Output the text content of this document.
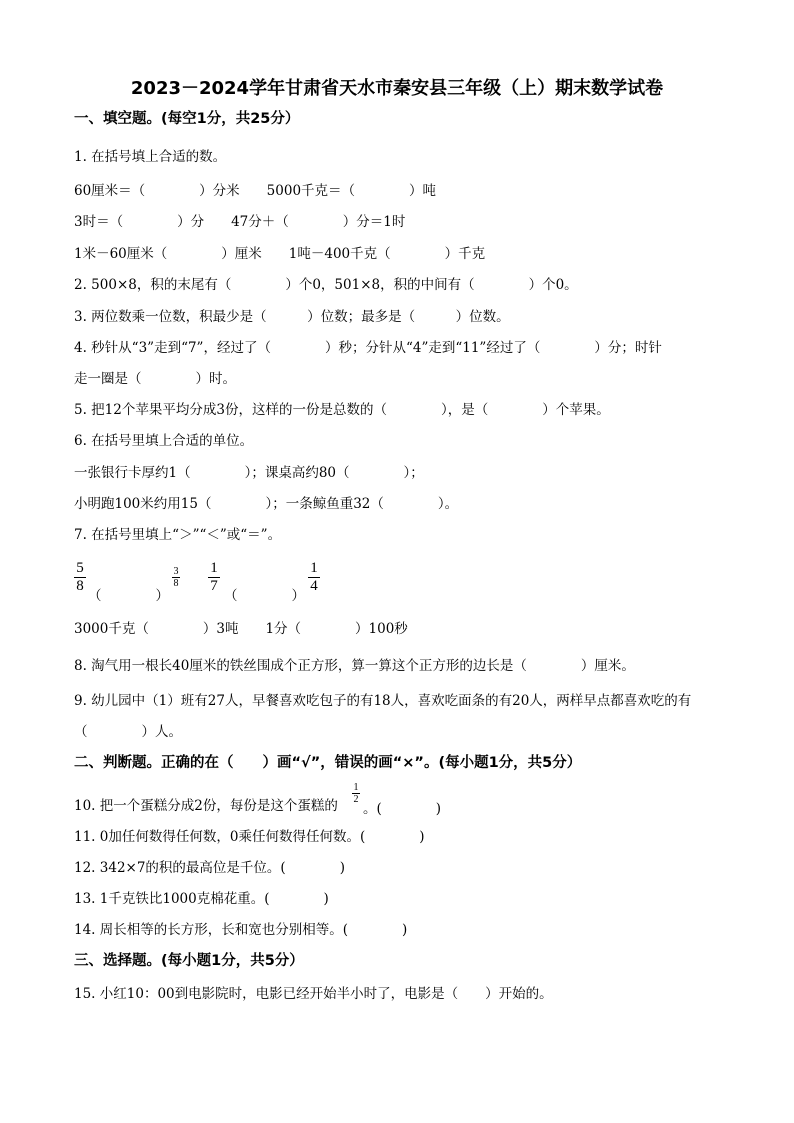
2023－2024学年甘肃省天水市秦安县三年级（上）期末数学试卷
一、填空题。(每空1分，共25分）
1. 在括号填上合适的数。
60厘米＝（　　　　）分米　　5000千克＝（　　　　）吨
3时＝（　　　　）分　　47分＋（　　　　）分＝1时
1米－60厘米（　　　　）厘米　　1吨－400千克（　　　　）千克
2. 500×8，积的末尾有（　　　　）个0，501×8，积的中间有（　　　　）个0。
3. 两位数乘一位数，积最少是（　　　）位数；最多是（　　　）位数。
4. 秒针从“3”走到“7”，经过了（　　　　）秒；分针从“4”走到“11”经过了（　　　　）分；时针
走一圈是（　　　　）时。
5. 把12个苹果平均分成3份，这样的一份是总数的（　　　　），是（　　　　）个苹果。
6. 在括号里填上合适的单位。
一张银行卡厚约1（　　　　）；课桌高约80（　　　　）；
小明跑100米约用15（　　　　）；一条鲸鱼重32（　　　　）。
7. 在括号里填上“＞”“＜”或“＝”。
5
8
（　　　　）
3
8
1
7
（　　　　）
1
4
3000千克（　　　　）3吨　　1分（　　　　）100秒
8. 淘气用一根长40厘米的铁丝围成个正方形，算一算这个正方形的边长是（　　　　）厘米。
9. 幼儿园中（1）班有27人，早餐喜欢吃包子的有18人，喜欢吃面条的有20人，两样早点都喜欢吃的有
（　　　　）人。
二、判断题。正确的在（　　）画“√”，错误的画“×”。(每小题1分，共5分）
10. 把一个蛋糕分成2份，每份是这个蛋糕的
1
2
。(　　　　)
11. 0加任何数得任何数，0乘任何数得任何数。(　　　　)
12. 342×7的积的最高位是千位。(　　　　)
13. 1千克铁比1000克棉花重。(　　　　)
14. 周长相等的长方形，长和宽也分别相等。(　　　　)
三、选择题。(每小题1分，共5分）
15. 小红10：00到电影院时，电影已经开始半小时了，电影是（　　）开始的。
